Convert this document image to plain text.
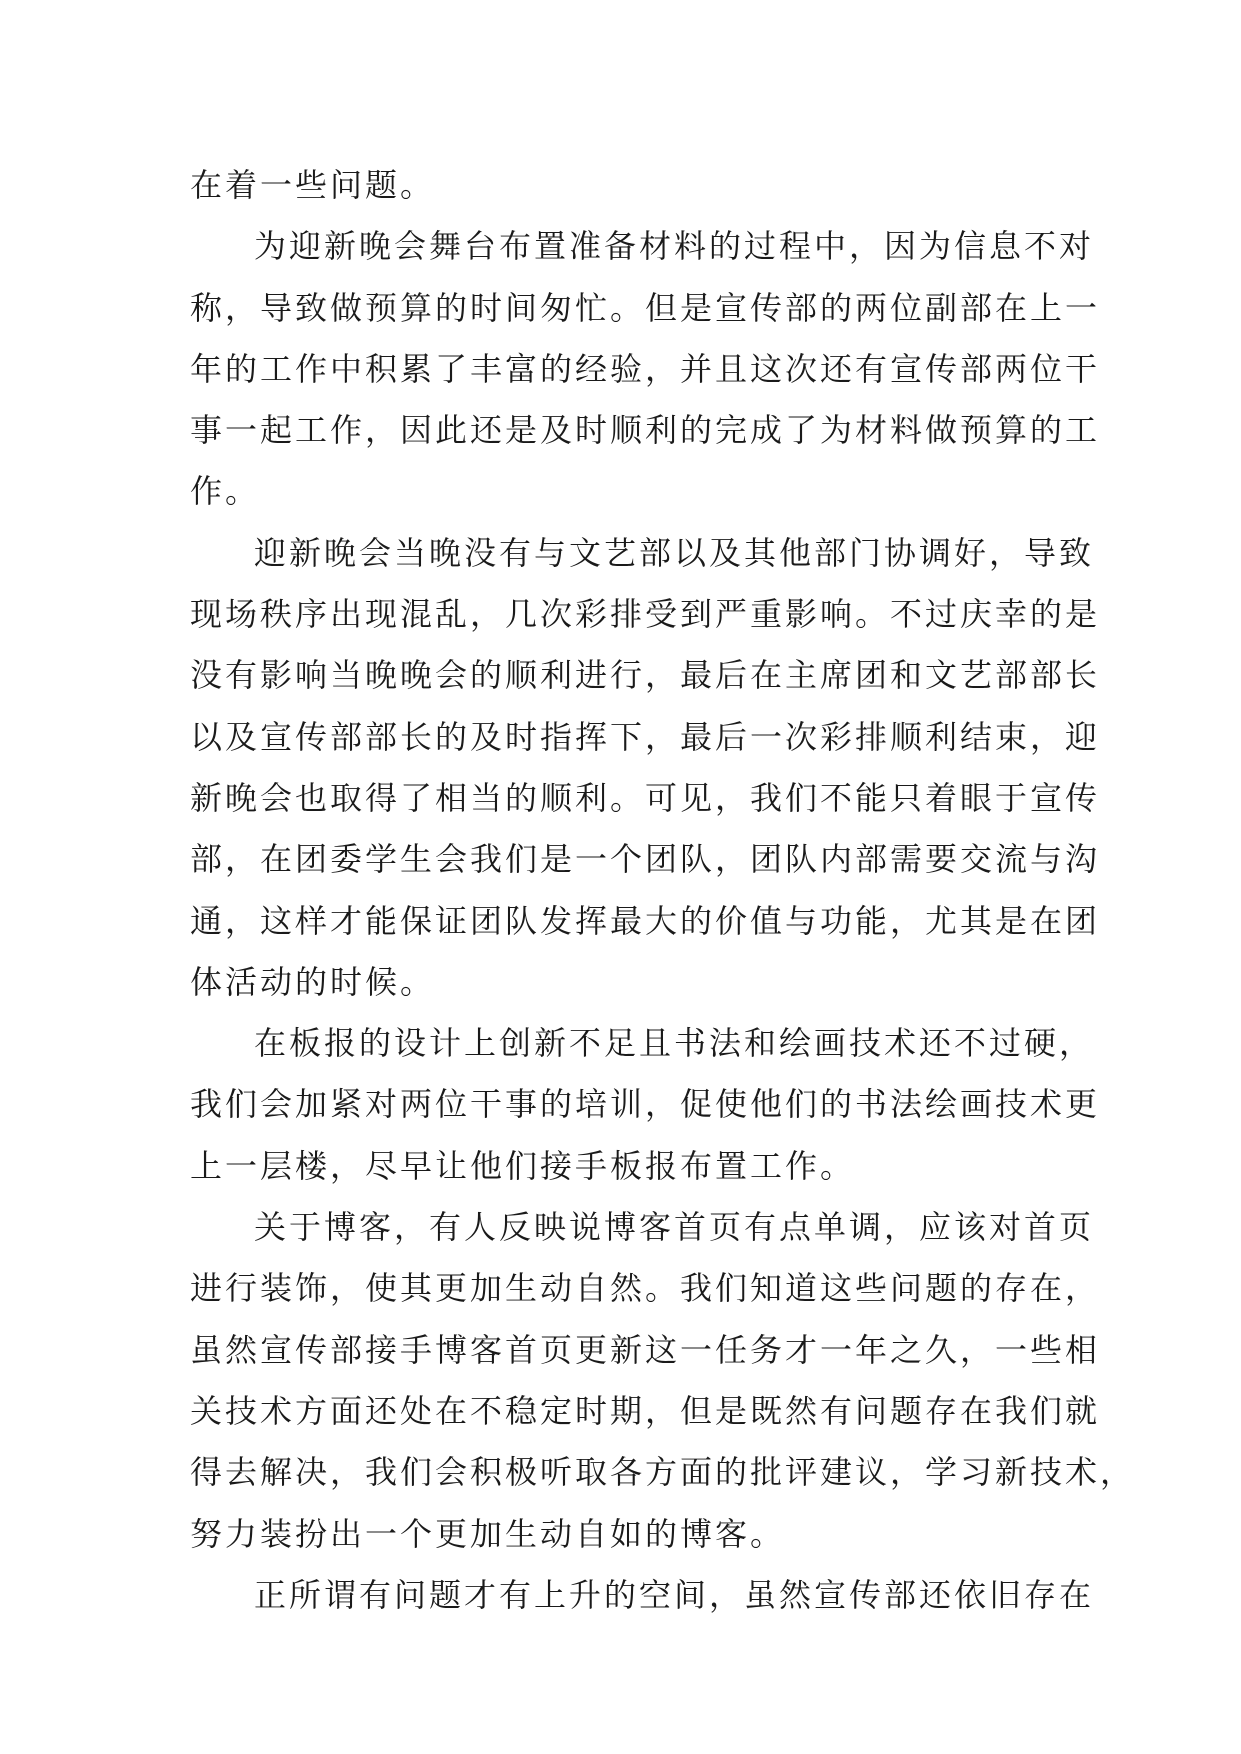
在着一些问题。
为迎新晚会舞台布置准备材料的过程中，因为信息不对
称，导致做预算的时间匆忙。但是宣传部的两位副部在上一
年的工作中积累了丰富的经验，并且这次还有宣传部两位干
事一起工作，因此还是及时顺利的完成了为材料做预算的工
作。
迎新晚会当晚没有与文艺部以及其他部门协调好，导致
现场秩序出现混乱，几次彩排受到严重影响。不过庆幸的是
没有影响当晚晚会的顺利进行，最后在主席团和文艺部部长
以及宣传部部长的及时指挥下，最后一次彩排顺利结束，迎
新晚会也取得了相当的顺利。可见，我们不能只着眼于宣传
部，在团委学生会我们是一个团队，团队内部需要交流与沟
通，这样才能保证团队发挥最大的价值与功能，尤其是在团
体活动的时候。
在板报的设计上创新不足且书法和绘画技术还不过硬，
我们会加紧对两位干事的培训，促使他们的书法绘画技术更
上一层楼，尽早让他们接手板报布置工作。
关于博客，有人反映说博客首页有点单调，应该对首页
进行装饰，使其更加生动自然。我们知道这些问题的存在，
虽然宣传部接手博客首页更新这一任务才一年之久，一些相
关技术方面还处在不稳定时期，但是既然有问题存在我们就
得去解决，我们会积极听取各方面的批评建议，学习新技术，
努力装扮出一个更加生动自如的博客。
正所谓有问题才有上升的空间，虽然宣传部还依旧存在
